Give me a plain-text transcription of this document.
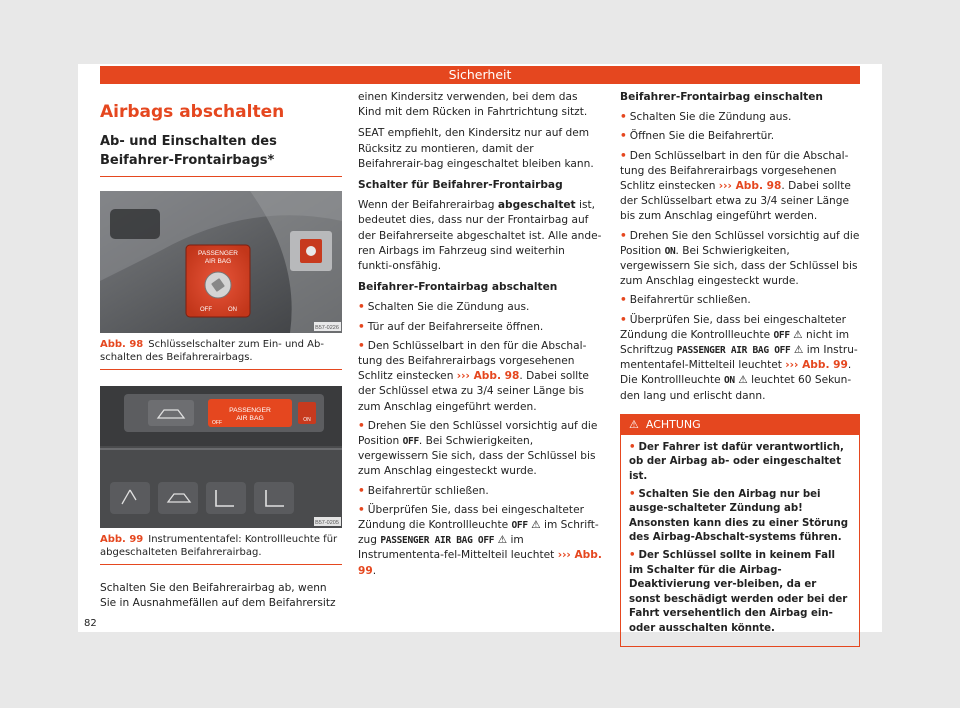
Sicherheit
Airbags abschalten
Ab- und Einschalten des Beifahrer-Frontairbags*
PASSENGER
AIR BAG
OFF	ON
B57-0226
Abb. 98 Schlüsselschalter zum Ein- und Ab-schalten des Beifahrerairbags.
PASSENGER
AIR BAG
OFF	ON
B57-0205
Abb. 99 Instrumententafel: Kontrollleuchte für abgeschalteten Beifahrerairbag.

Schalten Sie den Beifahrerairbag ab, wenn Sie in Ausnahmefällen auf dem Beifahrersitz

einen Kindersitz verwenden, bei dem das Kind mit dem Rücken in Fahrtrichtung sitzt.

SEAT empfiehlt, den Kindersitz nur auf dem Rücksitz zu montieren, damit der Beifahrerair-bag eingeschaltet bleiben kann.

Schalter für Beifahrer-Frontairbag

Wenn der Beifahrerairbag abgeschaltet ist, bedeutet dies, dass nur der Frontairbag auf der Beifahrerseite abgeschaltet ist. Alle ande-ren Airbags im Fahrzeug sind weiterhin funkti-onsfähig.

Beifahrer-Frontairbag abschalten

• Schalten Sie die Zündung aus.
• Tür auf der Beifahrerseite öffnen.
• Den Schlüsselbart in den für die Abschal-tung des Beifahrerairbags vorgesehenen Schlitz einstecken ››› Abb. 98. Dabei sollte der Schlüssel etwa zu 3/4 seiner Länge bis zum Anschlag eingeführt werden.
• Drehen Sie den Schlüssel vorsichtig auf die Position OFF. Bei Schwierigkeiten, vergewissern Sie sich, dass der Schlüssel bis zum Anschlag eingesteckt wurde.
• Beifahrertür schließen.
• Überprüfen Sie, dass bei eingeschalteter Zündung die Kontrollleuchte OFF ⚠ im Schrift-zug PASSENGER AIR BAG OFF ⚠ im Instrumententa-fel-Mittelteil leuchtet ››› Abb. 99.

Beifahrer-Frontairbag einschalten

• Schalten Sie die Zündung aus.
• Öffnen Sie die Beifahrertür.
• Den Schlüsselbart in den für die Abschal-tung des Beifahrerairbags vorgesehenen Schlitz einstecken ››› Abb. 98. Dabei sollte der Schlüsselbart etwa zu 3/4 seiner Länge bis zum Anschlag eingeführt werden.
• Drehen Sie den Schlüssel vorsichtig auf die Position ON. Bei Schwierigkeiten, vergewissern Sie sich, dass der Schlüssel bis zum Anschlag eingesteckt wurde.
• Beifahrertür schließen.
• Überprüfen Sie, dass bei eingeschalteter Zündung die Kontrollleuchte OFF ⚠ nicht im Schriftzug PASSENGER AIR BAG OFF ⚠ im Instru-mententafel-Mittelteil leuchtet ››› Abb. 99.
Die Kontrollleuchte ON ⚠ leuchtet 60 Sekun-den lang und erlischt dann.
⚠ ACHTUNG
• Der Fahrer ist dafür verantwortlich, ob der Airbag ab- oder eingeschaltet ist.
• Schalten Sie den Airbag nur bei ausge-schalteter Zündung ab! Ansonsten kann dies zu einer Störung des Airbag-Abschalt-systems führen.
• Der Schlüssel sollte in keinem Fall im Schalter für die Airbag-Deaktivierung ver-bleiben, da er sonst beschädigt werden oder bei der Fahrt versehentlich den Airbag ein- oder ausschalten könnte.
82
